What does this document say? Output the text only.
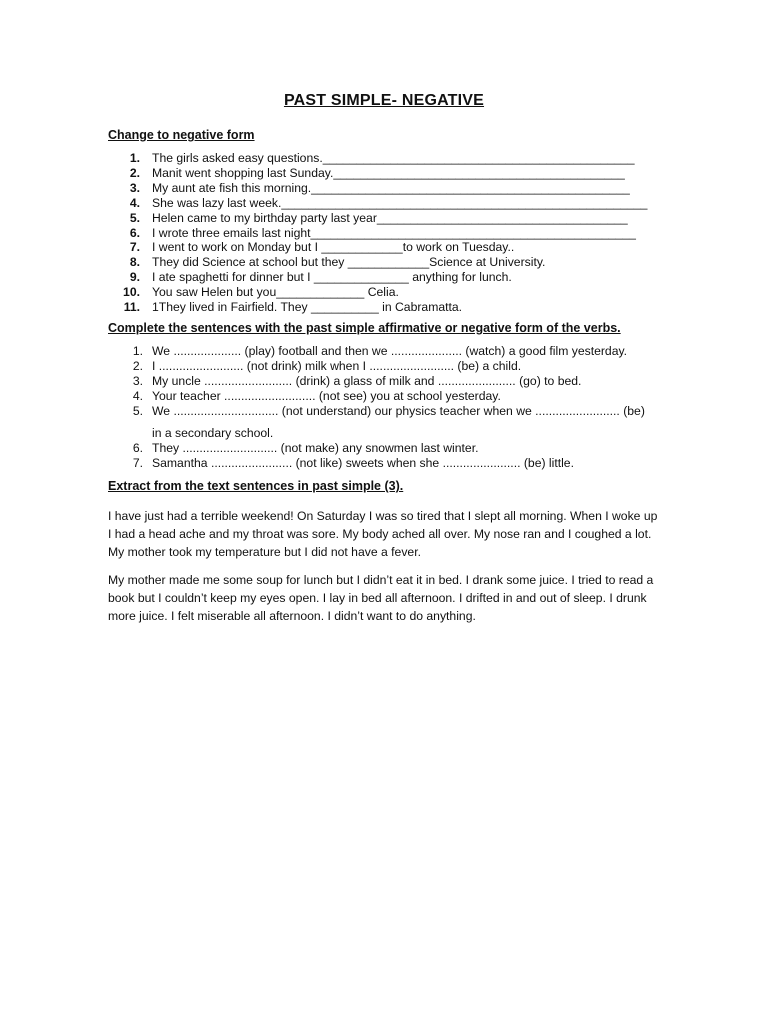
PAST SIMPLE- NEGATIVE
Change to negative form
1. The girls asked easy questions.______________________________________________

2. Manit went shopping last Sunday.___________________________________________

3. My aunt ate fish this morning._______________________________________________

4. She was lazy last week.______________________________________________________

5. Helen came to my birthday party last year_____________________________________

6. I wrote three emails last night________________________________________________

7. I went to work on Monday but I ____________to work on Tuesday..

8. They did Science at school but they ____________Science at University.

9. I ate spaghetti for dinner but I ______________ anything for lunch.

10. You saw Helen but you_____________ Celia.

11. 1They lived in Fairfield. They __________ in Cabramatta.

Complete the sentences with the past simple affirmative or negative form of the verbs.
1. We .................... (play) football and then we ..................... (watch) a good film yesterday.

2. I ......................... (not drink) milk when I ......................... (be) a child.

3. My uncle .......................... (drink) a glass of milk and ....................... (go) to bed.

4. Your teacher ........................... (not see) you at school yesterday.

5. We ............................... (not understand) our physics teacher when we ......................... (be)

in a secondary school.

6. They ............................ (not make) any snowmen last winter.

7. Samantha ........................ (not like) sweets when she ....................... (be) little.

Extract from the text sentences in past simple (3).

I have just had a terrible weekend! On Saturday I was so tired that I slept all morning. When I woke up I had a head ache and my throat was sore. My body ached all over. My nose ran and I coughed a lot. My mother took my temperature but I did not have a fever.

My mother made me some soup for lunch but I didn’t eat it in bed. I drank some juice. I tried to read a book but I couldn’t keep my eyes open. I lay in bed all afternoon. I drifted in and out of sleep. I drunk more juice. I felt miserable all afternoon. I didn’t want to do anything.
